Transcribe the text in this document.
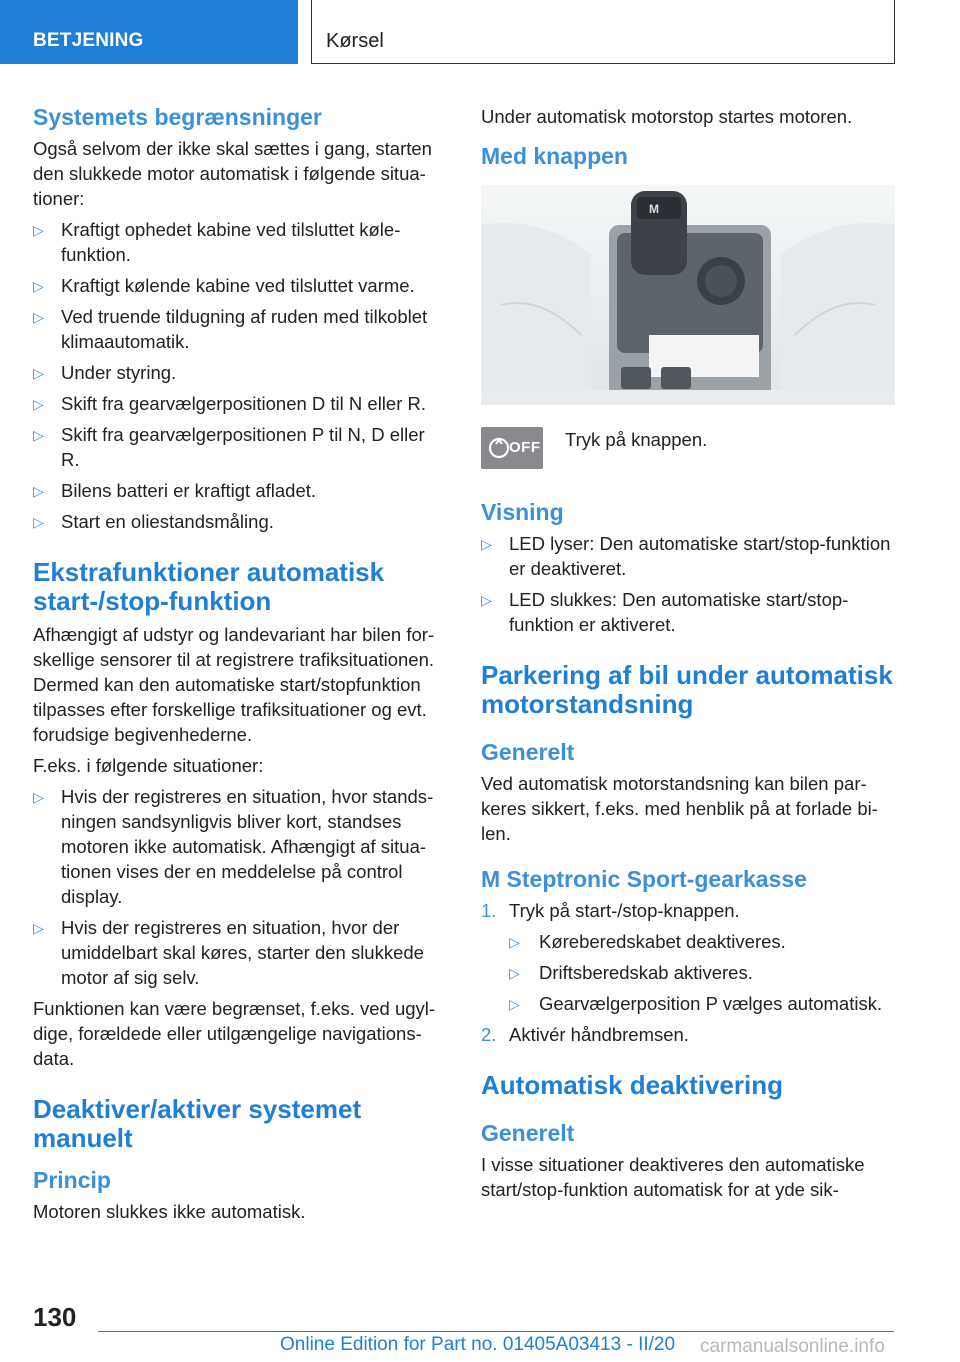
BETJENING	Kørsel
Systemets begrænsninger

Også selvom der ikke skal sættes i gang, starten den slukkede motor automatisk i følgende situationer:

▷ Kraftigt ophedet kabine ved tilsluttet kølefunktion.
▷ Kraftigt kølende kabine ved tilsluttet varme.
▷ Ved truende tildugning af ruden med tilkoblet klimaautomatik.
▷ Under styring.
▷ Skift fra gearvælgerpositionen D til N eller R.
▷ Skift fra gearvælgerpositionen P til N, D eller R.
▷ Bilens batteri er kraftigt afladet.
▷ Start en oliestandsmåling.
Ekstrafunktioner automatisk start-/stop-funktion

Afhængigt af udstyr og landevariant har bilen forskellige sensorer til at registrere trafiksituationen. Dermed kan den automatiske start/stopfunktion tilpasses efter forskellige trafiksituationer og evt. forudsige begivenhederne.

F.eks. i følgende situationer:

▷ Hvis der registreres en situation, hvor standsningen sandsynligvis bliver kort, standses motoren ikke automatisk. Afhængigt af situationen vises der en meddelelse på control display.
▷ Hvis der registreres en situation, hvor der umiddelbart skal køres, starter den slukkede motor af sig selv.

Funktionen kan være begrænset, f.eks. ved ugyldige, forældede eller utilgængelige navigationsdata.

Deaktiver/aktiver systemet manuelt
Princip

Motoren slukkes ikke automatisk.

Under automatisk motorstop startes motoren.

Med knappen
M
OFF Tryk på knappen.
Visning
▷ LED lyser: Den automatiske start/stop-funktion er deaktiveret.
▷ LED slukkes: Den automatiske start/stop-funktion er aktiveret.
Parkering af bil under automatisk motorstandsning
Generelt

Ved automatisk motorstandsning kan bilen parkeres sikkert, f.eks. med henblik på at forlade bilen.

M Steptronic Sport-gearkasse
1. Tryk på start-/stop-knappen.
▷ Køreberedskabet deaktiveres.
▷ Driftsberedskab aktiveres.
▷ Gearvælgerposition P vælges automatisk.
2. Aktivér håndbremsen.
Automatisk deaktivering
Generelt

I visse situationer deaktiveres den automatiske start/stop-funktion automatisk for at yde sik-

130
Online Edition for Part no. 01405A03413 - II/20 carmanualsonline.info
